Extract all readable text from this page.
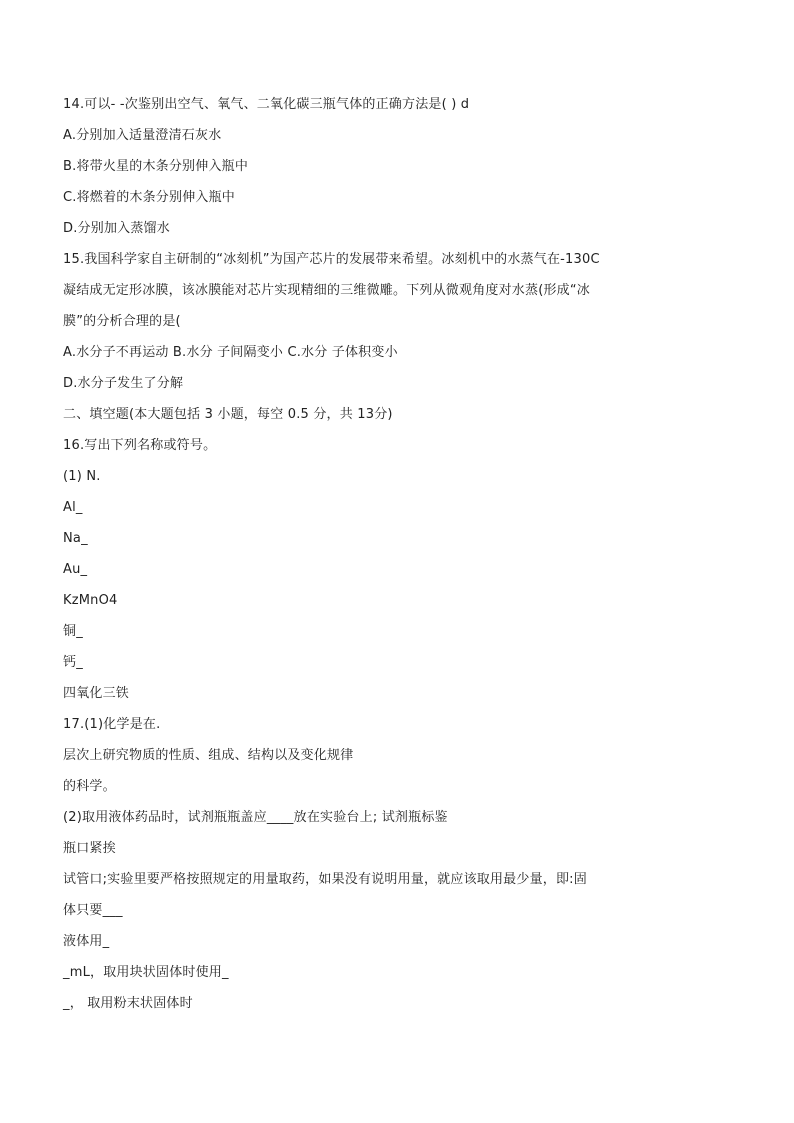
14.可以- -次鉴别出空气、氧气、二氧化碳三瓶气体的正确方法是( ) d
A.分别加入适量澄清石灰水
B.将带火星的木条分别伸入瓶中
C.将燃着的木条分别伸入瓶中
D.分别加入蒸馏水
15.我国科学家自主研制的“冰刻机”为国产芯片的发展带来希望。冰刻机中的水蒸气在-130C
凝结成无定形冰膜，该冰膜能对芯片实现精细的三维微雕。下列从微观角度对水蒸(形成“冰
膜”的分析合理的是(
A.水分子不再运动 B.水分 子间隔变小 C.水分 子体积变小
D.水分子发生了分解
二、填空题(本大题包括 3 小题，每空 0.5 分，共 13分)
16.写出下列名称或符号。
(1) N.
Al_
Na_
Au_
KzMnO4
铜_
钙_
四氧化三铁
17.(1)化学是在.
层次上研究物质的性质、组成、结构以及变化规律
的科学。
(2)取用液体药品时，试剂瓶瓶盖应____放在实验台上; 试剂瓶标鉴
瓶口紧挨
试管口;实验里要严格按照规定的用量取药，如果没有说明用量，就应该取用最少量，即:固
体只要___
液体用_
_mL，取用块状固体时使用_
_， 取用粉末状固体时
